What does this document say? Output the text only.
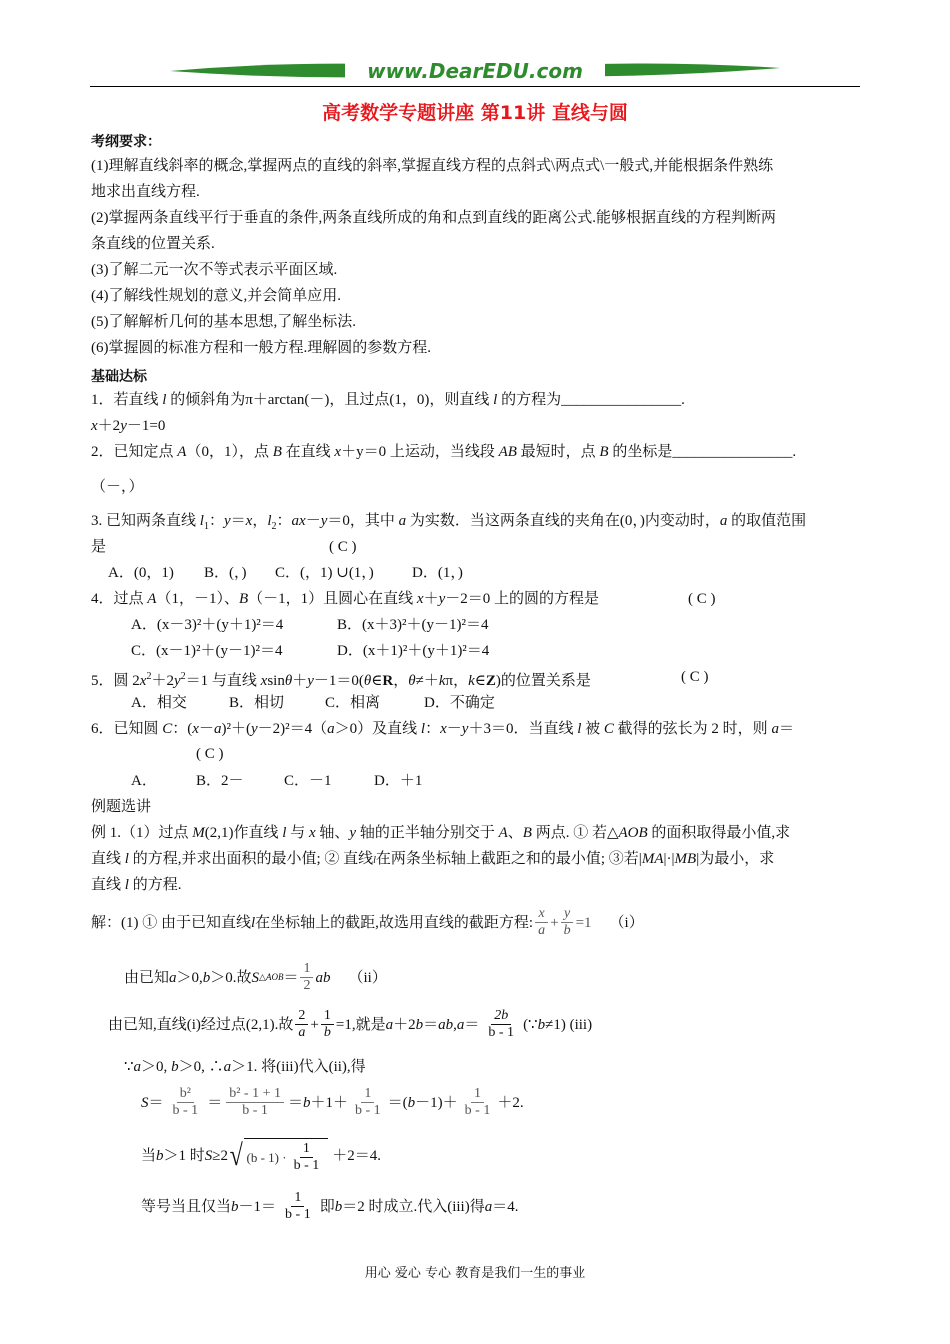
www.DearEDU.com
高考数学专题讲座 第11讲 直线与圆
考纲要求：
(1)理解直线斜率的概念,掌握两点的直线的斜率,掌握直线方程的点斜式\两点式\一般式,并能根据条件熟练
地求出直线方程.
(2)掌握两条直线平行于垂直的条件,两条直线所成的角和点到直线的距离公式.能够根据直线的方程判断两
条直线的位置关系.
(3)了解二元一次不等式表示平面区域.
(4)了解线性规划的意义,并会简单应用.
(5)了解解析几何的基本思想,了解坐标法.
(6)掌握圆的标准方程和一般方程.理解圆的参数方程.
基础达标
1．若直线 l 的倾斜角为π＋arctan(－)，且过点(1，0)，则直线 l 的方程为________________.
x＋2y－1=0
2．已知定点 A（0，1），点 B 在直线 x＋y＝0 上运动，当线段 AB 最短时，点 B 的坐标是________________.
（－，）
3. 已知两条直线 $l_1$：y＝x，$l_2$：ax－y＝0，其中 a 为实数．当这两条直线的夹角在(0，)内变动时，a 的取值范围
是	( C )
A．(0，1) B．(，) C．(，1) ∪(1，)	D．(1，)
4．过点 A（1，－1）、B（－1，1）且圆心在直线 x＋y－2＝0 上的圆的方程是	( C )
A．(x－3)²＋(y＋1)²＝4	B．(x＋3)²＋(y－1)²＝4
C．(x－1)²＋(y－1)²＝4	D．(x＋1)²＋(y＋1)²＝4
5．圆 $2x^2+2y^2=1$ 与直线 xsinθ＋y－1＝0(θ∈R，θ≠＋kπ，k∈Z)的位置关系是	( C )
A．相交	B．相切	C．相离	D．不确定
6．已知圆 C：(x－a)²＋(y－2)²＝4（a＞0）及直线 l：x－y＋3＝0．当直线 l 被 C 截得的弦长为 2 时，则 a＝
( C )
A．	B．2－	C．－1	D．＋1
例题选讲
例 1.（1）过点 M(2,1)作直线 l 与 x 轴、y 轴的正半轴分别交于 A、B 两点. ① 若△AOB 的面积取得最小值,求
直线 l 的方程,并求出面积的最小值; ② 直线l在两条坐标轴上截距之和的最小值; ③若|MA|·|MB|为最小，求
直线 l 的方程.
解：(1) ① 由于已知直线 l 在坐标轴上的截距,故选用直线的截距方程: $\frac{x}{a} + \frac{y}{b} =1$ （i）
由已知 a ＞0, b ＞0.故 S △AOB ＝ $\frac{1}{2}$ ab （ii）
由已知,直线(i)经过点(2,1).故 $\frac{2}{a} + \frac{1}{b} =1$,就是 a ＋2 b ＝ ab , $a = \frac{2b}{b - 1}$ (∵ b ≠1) (iii)
∵a＞0, b＞0, ∴a＞1. 将(iii)代入(ii),得
$S = \frac{\text{b²}}{b - 1} = \frac{\text{b² - 1 + 1}}{b - 1} = b +1+ \frac{1}{b - 1}$ ＝( $b -1)+ \frac{1}{b - 1} +2$.
当 b ＞1 时 S ≥2 √ $(b - 1) \cdot \frac{1}{b - 1} +2=4$.
等号当且仅当 $b -1= \frac{1}{b - 1}$ 即 b ＝2 时成立.代入(iii)得 a ＝4.
用心 爱心 专心 教育是我们一生的事业
